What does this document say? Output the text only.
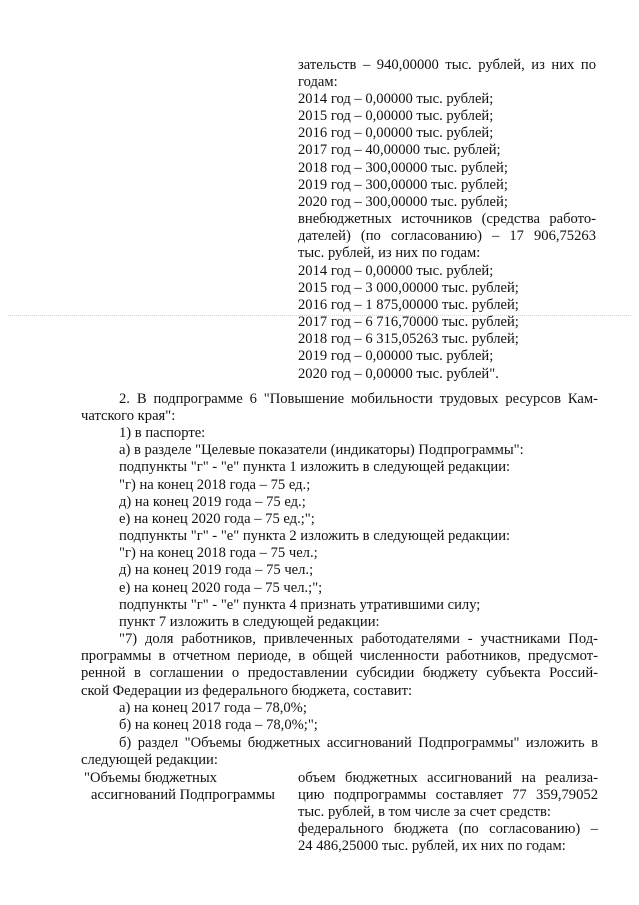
зательств – 940,00000 тыс. рублей, из них по
годам:
2014 год – 0,00000 тыс. рублей;
2015 год – 0,00000 тыс. рублей;
2016 год – 0,00000 тыс. рублей;
2017 год – 40,00000 тыс. рублей;
2018 год – 300,00000 тыс. рублей;
2019 год – 300,00000 тыс. рублей;
2020 год – 300,00000 тыс. рублей;
внебюджетных источников (средства работо-
дателей) (по согласованию) – 17 906,75263
тыс. рублей, из них по годам:
2014 год – 0,00000 тыс. рублей;
2015 год – 3 000,00000 тыс. рублей;
2016 год – 1 875,00000 тыс. рублей;
2017 год – 6 716,70000 тыс. рублей;
2018 год – 6 315,05263 тыс. рублей;
2019 год – 0,00000 тыс. рублей;
2020 год – 0,00000 тыс. рублей".
2. В подпрограмме 6 "Повышение мобильности трудовых ресурсов Кам-
чатского края":
1) в паспорте:
а) в разделе "Целевые показатели (индикаторы) Подпрограммы":
подпункты "г" - "е" пункта 1 изложить в следующей редакции:
"г) на конец 2018 года – 75 ед.;
д) на конец 2019 года – 75 ед.;
е) на конец 2020 года – 75 ед.;";
подпункты "г" - "е" пункта 2 изложить в следующей редакции:
"г) на конец 2018 года – 75 чел.;
д) на конец 2019 года – 75 чел.;
е) на конец 2020 года – 75 чел.;";
подпункты "г" - "е" пункта 4 признать утратившими силу;
пункт 7 изложить в следующей редакции:
"7) доля работников, привлеченных работодателями - участниками Под-
программы в отчетном периоде, в общей численности работников, предусмот-
ренной в соглашении о предоставлении субсидии бюджету субъекта Россий-
ской Федерации из федерального бюджета, составит:
а) на конец 2017 года – 78,0%;
б) на конец 2018 года – 78,0%;";
б) раздел "Объемы бюджетных ассигнований Подпрограммы" изложить в
следующей редакции:
"Объемы бюджетных
ассигнований Подпрограммы
объем бюджетных ассигнований на реализа-
цию подпрограммы составляет 77 359,79052
тыс. рублей, в том числе за счет средств:
федерального бюджета (по согласованию) –
24 486,25000 тыс. рублей, их них по годам:
